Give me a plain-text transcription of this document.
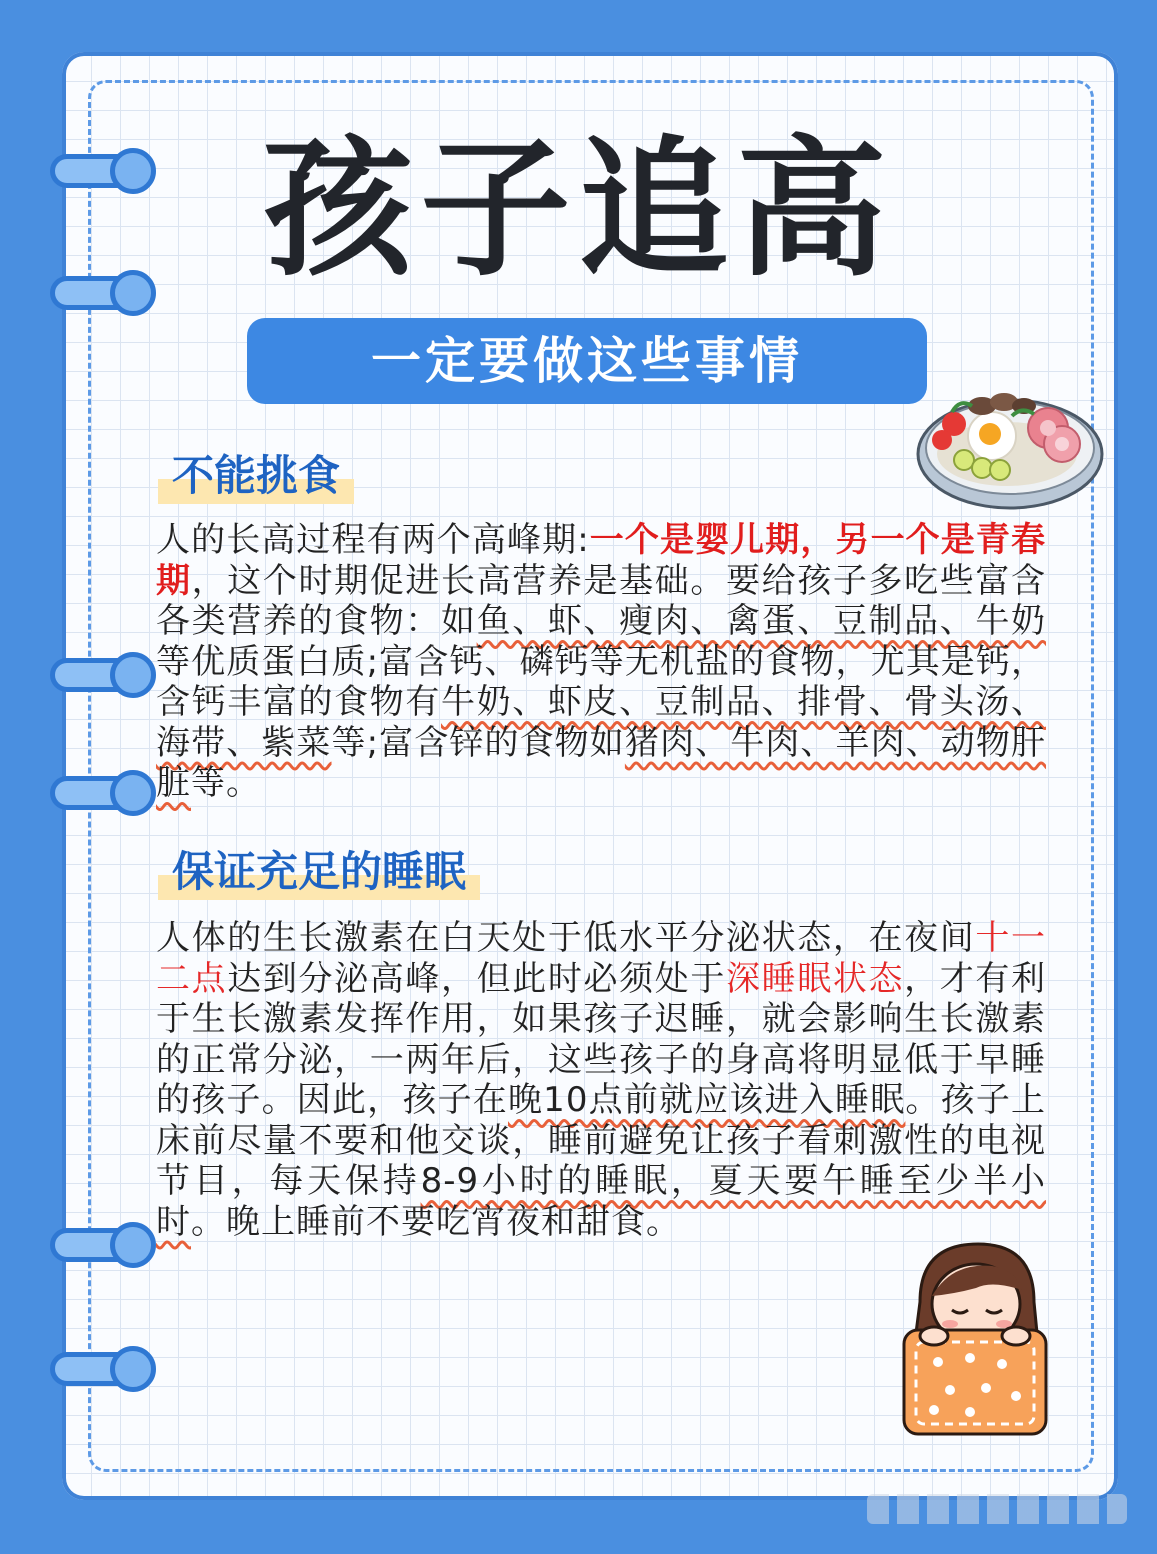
孩子追高
一定要做这些事情
不能挑食

人的长高过程有两个高峰期:一个是婴儿期，另一个是青春期，这个时期促进长高营养是基础。要给孩子多吃些富含各类营养的食物：如鱼、虾、瘦肉、禽蛋、豆制品、牛奶等优质蛋白质;富含钙、磷钙等无机盐的食物，尤其是钙，含钙丰富的食物有牛奶、虾皮、豆制品、排骨、骨头汤、海带、紫菜等;富含锌的食物如猪肉、牛肉、羊肉、动物肝脏等。

保证充足的睡眠

人体的生长激素在白天处于低水平分泌状态，在夜间十一二点达到分泌高峰，但此时必须处于深睡眠状态，才有利于生长激素发挥作用，如果孩子迟睡，就会影响生长激素的正常分泌，一两年后，这些孩子的身高将明显低于早睡的孩子。因此，孩子在晚10点前就应该进入睡眠。孩子上床前尽量不要和他交谈，睡前避免让孩子看刺激性的电视节目，每天保持8-9小时的睡眠，夏天要午睡至少半小时。晚上睡前不要吃宵夜和甜食。
